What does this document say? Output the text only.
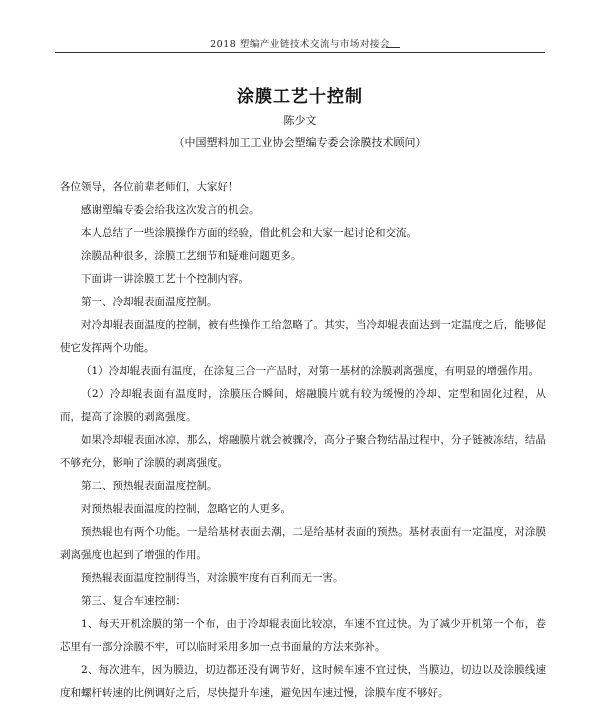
2018 塑编产业链技术交流与市场对接会
涂膜工艺十控制
陈少文
（中国塑料加工工业协会塑编专委会涂膜技术顾问）

各位领导，各位前辈老师们，大家好！

感谢塑编专委会给我这次发言的机会。

本人总结了一些涂膜操作方面的经验，借此机会和大家一起讨论和交流。

涂膜品种很多，涂膜工艺细节和疑难问题更多。

下面讲一讲涂膜工艺十个控制内容。

第一、冷却辊表面温度控制。

对冷却辊表面温度的控制，被有些操作工给忽略了。其实，当冷却辊表面达到一定温度之后，能够促使它发挥两个功能。

（1）冷却辊表面有温度，在涂复三合一产品时，对第一基材的涂膜剥离强度，有明显的增强作用。

（2）冷却辊表面有温度时，涂膜压合瞬间，熔融膜片就有较为缓慢的冷却、定型和固化过程，从而，提高了涂膜的剥离强度。

如果冷却辊表面冰凉，那么，熔融膜片就会被骤冷，高分子聚合物结晶过程中，分子链被冻结，结晶不够充分，影响了涂膜的剥离强度。

第二、预热辊表面温度控制。

对预热辊表面温度的控制，忽略它的人更多。

预热辊也有两个功能。一是给基材表面去潮，二是给基材表面的预热。基材表面有一定温度，对涂膜剥离强度也起到了增强的作用。

预热辊表面温度控制得当，对涂膜牢度有百利而无一害。

第三、复合车速控制：

1、每天开机涂膜的第一个布，由于冷却辊表面比较凉，车速不宜过快。为了减少开机第一个布，卷芯里有一部分涂膜不牢，可以临时采用多加一点书面量的方法来弥补。

2、每次进车，因为膜边，切边都还没有调节好，这时候车速不宜过快，当膜边，切边以及涂膜线速度和螺杆转速的比例调好之后，尽快提升车速，避免因车速过慢，涂膜车度不够好。
